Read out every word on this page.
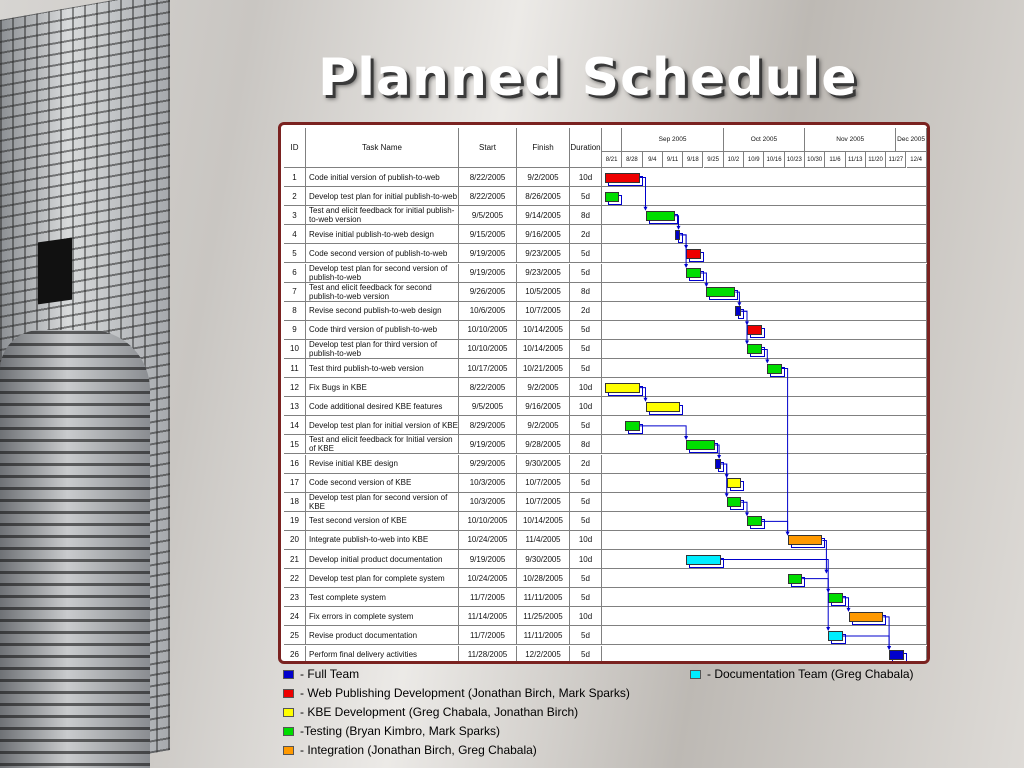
Planned Schedule
ID	Task Name	Start	Finish	Duration
Sep 2005	Oct 2005	Nov 2005	Dec 2005
8/21	8/28	9/4	9/11	9/18	9/25	10/2	10/9	10/16 10/23 10/30	11/6	11/13 11/20 11/27	12/4
1	Code initial version of publish-to-web	8/22/2005	9/2/2005	10d
2	Develop test plan for initial publish-to-web	8/22/2005	8/26/2005	5d
3	Test and elicit feedback for initial publish-to-web version	9/5/2005	9/14/2005	8d
4	Revise initial publish-to-web design	9/15/2005	9/16/2005	2d
5	Code second version of publish-to-web	9/19/2005	9/23/2005	5d
6	Develop test plan for second version of publish-to-web	9/19/2005	9/23/2005	5d
7	Test and elicit feedback for second publish-to-web version	9/26/2005	10/5/2005	8d
8	Revise second publish-to-web design	10/6/2005	10/7/2005	2d
9	Code third version of publish-to-web	10/10/2005	10/14/2005	5d
10	Develop test plan for third version of publish-to-web	10/10/2005	10/14/2005	5d
11	Test third publish-to-web version	10/17/2005	10/21/2005	5d
12	Fix Bugs in KBE	8/22/2005	9/2/2005	10d
13	Code additional desired KBE features	9/5/2005	9/16/2005	10d
14	Develop test plan for initial version of KBE	8/29/2005	9/2/2005	5d
15	Test and elicit feedback for Initial version of KBE	9/19/2005	9/28/2005	8d
16	Revise initial KBE design	9/29/2005	9/30/2005	2d
17	Code second version of KBE	10/3/2005	10/7/2005	5d
18	Develop test plan for second version of KBE	10/3/2005	10/7/2005	5d
19	Test second version of KBE	10/10/2005	10/14/2005	5d
20	Integrate publish-to-web into KBE	10/24/2005	11/4/2005	10d
21	Develop initial product documentation	9/19/2005	9/30/2005	10d
22	Develop test plan for complete system	10/24/2005	10/28/2005	5d
23	Test complete system	11/7/2005	11/11/2005	5d
24	Fix errors in complete system	11/14/2005	11/25/2005	10d
25	Revise product documentation	11/7/2005	11/11/2005	5d
26	Perform final delivery activities	11/28/2005	12/2/2005	5d
- Full Team
- Web Publishing Development (Jonathan Birch, Mark Sparks)
- KBE Development (Greg Chabala, Jonathan Birch)
-Testing (Bryan Kimbro, Mark Sparks)
- Integration (Jonathan Birch, Greg Chabala)
- Documentation Team (Greg Chabala)
